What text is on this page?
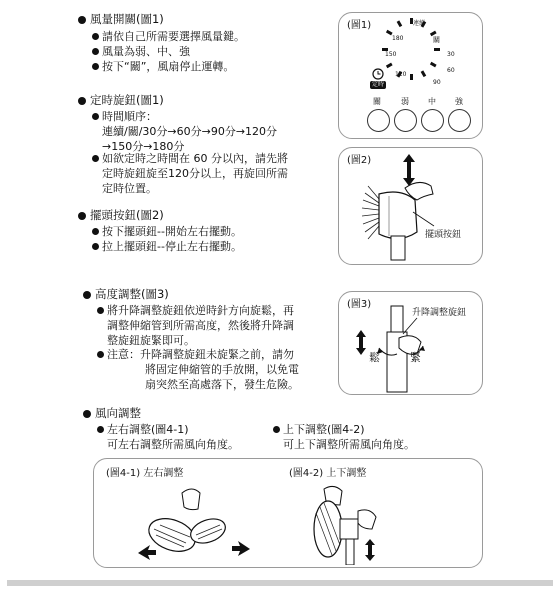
風量開關(圖1)
請依自己所需要選擇風量鍵。
風量為弱、中、強
按下“關”，風扇停止運轉。
定時旋鈕(圖1)
時間順序：
連續/關/30分→60分→90分→120分
→150分→180分
如欲定時之時間在 60 分以內，請先將
定時旋鈕旋至120分以上，再旋回所需
定時位置。
擺頭按鈕(圖2)
按下擺頭鈕--開始左右擺動。
拉上擺頭鈕--停止左右擺動。
高度調整(圖3)
將升降調整旋鈕依逆時針方向旋鬆，再
調整伸縮管到所需高度，然後將升降調
整旋鈕旋緊即可。
注意：升降調整旋鈕未旋緊之前，請勿
將固定伸縮管的手放開，以免電
扇突然至高處落下，發生危險。
風向調整
左右調整(圖4-1)
可左右調整所需風向角度。
上下調整(圖4-2)
可上下調整所需風向角度。
(圖1)	連續
關
180
30
150
60
120
90
定時
關	弱 中 強
(圖2)
擺頭按鈕
(圖3)
升降調整旋鈕
鬆	緊
(圖4-1) 左右調整	(圖4-2) 上下調整
